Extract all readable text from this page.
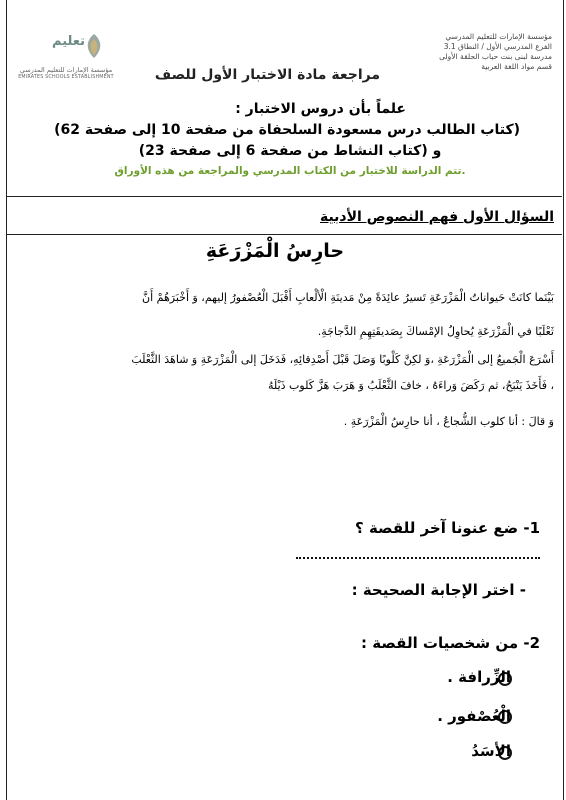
مؤسسة الإمارات للتعليم المدرسي
الفرع المدرسي الأول / النطاق 3.1
مدرسة لبنى بنت حباب الحلقة الأولى
قسم مواد اللغة العربية
تعليم
مؤسسة الإمارات للتعليم المدرسي
EMIRATES SCHOOLS ESTABLISHMENT	مراجعة مادة الاختبار الأول للصف
علماً بأن دروس الاختبار :
(كتاب الطالب درس مسعودة السلحفاة من صفحة 10 إلى صفحة 62)
و (كتاب النشاط من صفحة 6 إلى صفحة 23)
.تتم الدراسة للاختبار من الكتاب المدرسي والمراجعة من هذه الأوراق
السؤال الأول فهم النصوص الأدبية
حارِسُ الْمَزْرَعَةِ
بَيْنَما كانَتْ حَيواناتُ الْمَزْرَعَةِ تَسيرُ عائِدَةً مِنْ مَدينَةِ الْألْعابِ أَقْبَلَ الْعُصْفورُ إليهم، وَ أَخْبَرَهُمْ أَنَّ
ثَعْلَبًا في الْمَزْرَعَةِ يُحاوِلُ الإمْساكَ بِصَديقَتِهِمِ الدَّجاجَةِ.
أَسْرَعَ الْجَميعُ إلى الْمَزْرَعَةِ ،وَ لكِنَّ كَلْوبًا وَصَلَ قَبْلَ أَصْدِقائِهِ، فَدَخَلَ إلى الْمَزْرَعَةِ وَ شاهَدَ الثَّعْلَبَ
، فَأَخَذَ يَنْبَحُ، ثم رَكَضَ وَراءَهُ ، خافَ الثَّعْلَبُ وَ هَرَبَ هَزَّ كَلوب ذَيْلَهُ
وَ قالَ : أنا كلوب الشُّجاعُ ، أنا حارِسُ الْمَزْرَعَةِ .
1- ضع عنونا آخر للقصة ؟
- اختر الإجابة الصحيحة :
2- من شخصيات القصة :
الزِّرافة .
الْعُصْفور .
الأسَدُ
